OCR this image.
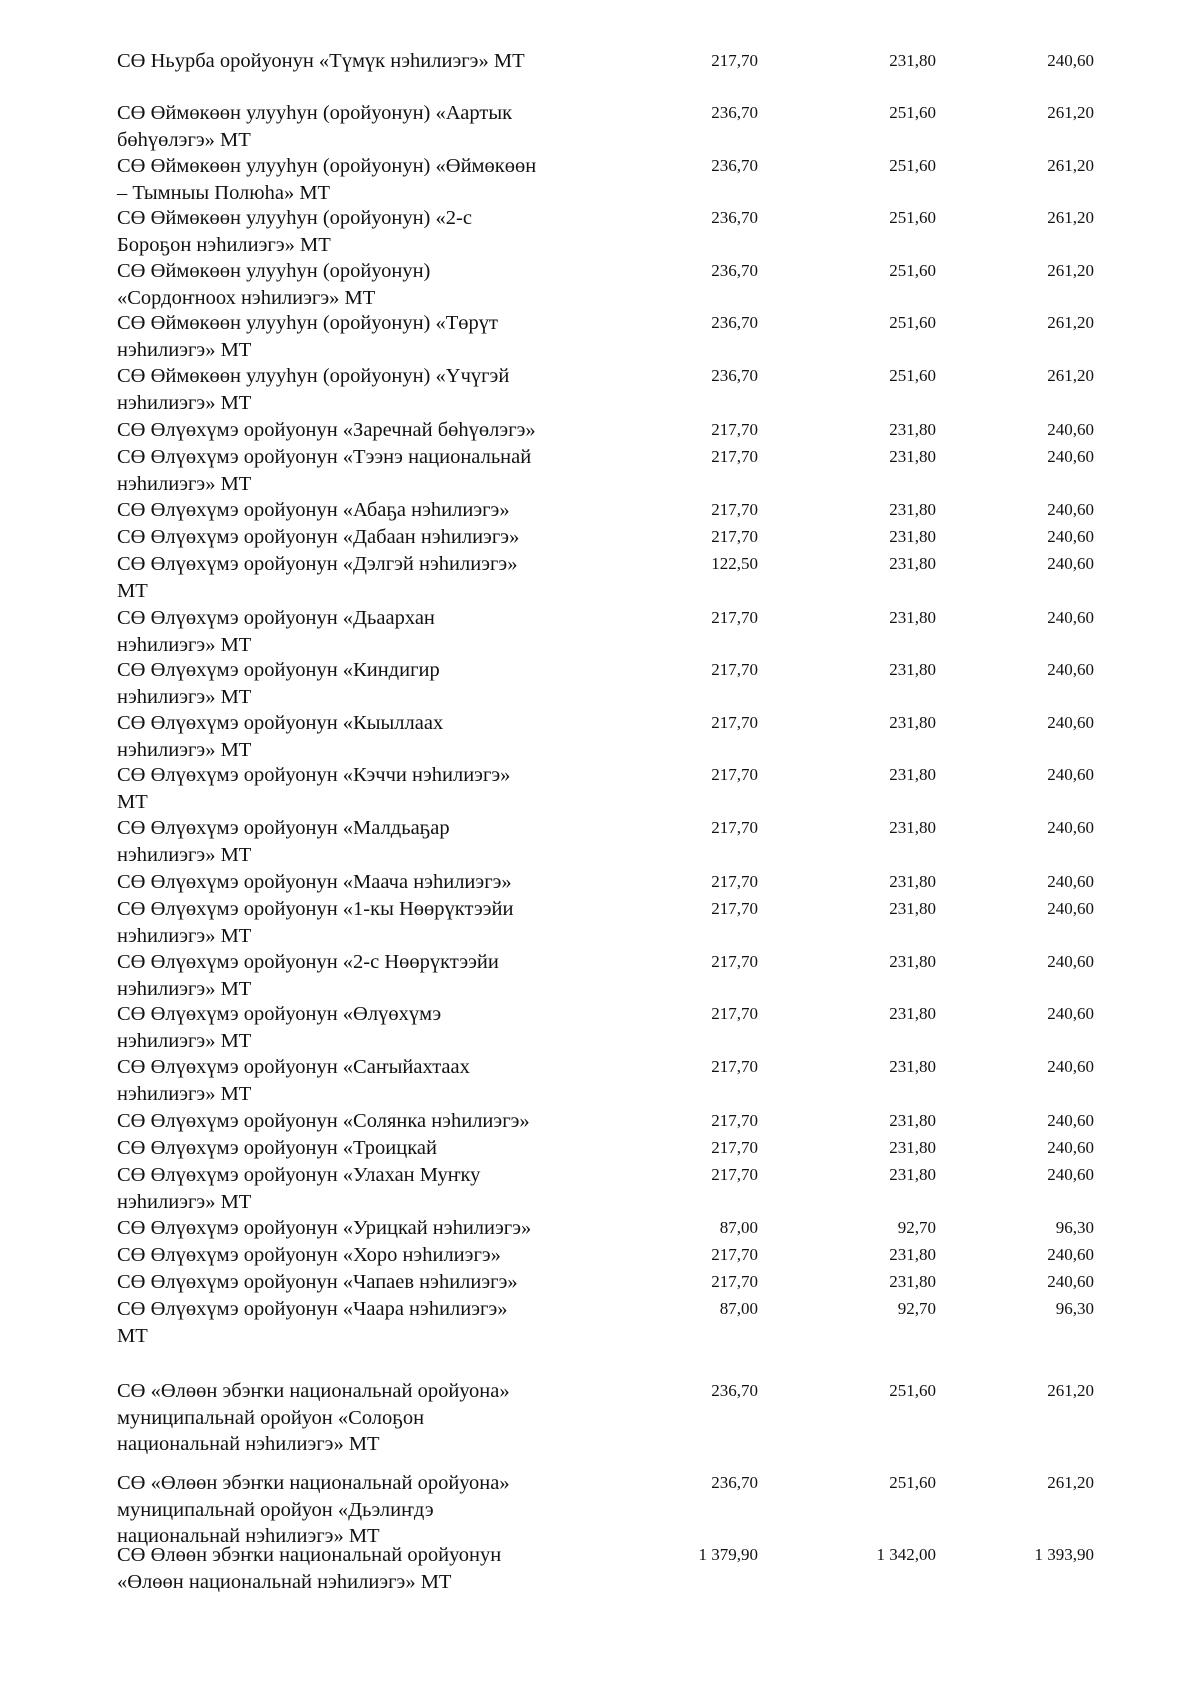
СӨ Ньурба оройуонун «Түмүк нэһилиэгэ» МТ	217,70	231,80	240,60
СӨ Өймөкөөн улууһун (оройуонун) «Аартык
бөһүөлэгэ» МТ
236,70	251,60	261,20
СӨ Өймөкөөн улууһун (оройуонун) «Өймөкөөн
– Тымныы Полюһа» МТ
236,70	251,60	261,20
СӨ Өймөкөөн улууһун (оройуонун) «2-с
Бороҕон нэһилиэгэ» МТ
236,70	251,60	261,20
СӨ Өймөкөөн улууһун (оройуонун)
«Сордоҥноох нэһилиэгэ» МТ
236,70	251,60	261,20
СӨ Өймөкөөн улууһун (оройуонун) «Төрүт
нэһилиэгэ» МТ
236,70	251,60	261,20
СӨ Өймөкөөн улууһун (оройуонун) «Үчүгэй
нэһилиэгэ» МТ
236,70	251,60	261,20
СӨ Өлүөхүмэ оройуонун «Заречнай бөһүөлэгэ»	217,70	231,80	240,60
СӨ Өлүөхүмэ оройуонун «Тээнэ национальнай
нэһилиэгэ» МТ
217,70	231,80	240,60
СӨ Өлүөхүмэ оройуонун «Абаҕа нэһилиэгэ»	217,70	231,80	240,60
СӨ Өлүөхүмэ оройуонун «Дабаан нэһилиэгэ»	217,70	231,80	240,60
СӨ Өлүөхүмэ оройуонун «Дэлгэй нэһилиэгэ»
МТ
122,50	231,80	240,60
СӨ Өлүөхүмэ оройуонун «Дьаархан
нэһилиэгэ» МТ
217,70	231,80	240,60
СӨ Өлүөхүмэ оройуонун «Киндигир
нэһилиэгэ» МТ
217,70	231,80	240,60
СӨ Өлүөхүмэ оройуонун «Кыыллаах
нэһилиэгэ» МТ
217,70	231,80	240,60
СӨ Өлүөхүмэ оройуонун «Кэччи нэһилиэгэ»
МТ
217,70	231,80	240,60
СӨ Өлүөхүмэ оройуонун «Малдьаҕар
нэһилиэгэ» МТ
217,70	231,80	240,60
СӨ Өлүөхүмэ оройуонун «Маача нэһилиэгэ»	217,70	231,80	240,60
СӨ Өлүөхүмэ оройуонун «1-кы Нөөрүктээйи
нэһилиэгэ» МТ
217,70	231,80	240,60
СӨ Өлүөхүмэ оройуонун «2-с Нөөрүктээйи
нэһилиэгэ» МТ
217,70	231,80	240,60
СӨ Өлүөхүмэ оройуонун «Өлүөхүмэ
нэһилиэгэ» МТ
217,70	231,80	240,60
СӨ Өлүөхүмэ оройуонун «Саҥыйахтаах
нэһилиэгэ» МТ
217,70	231,80	240,60
СӨ Өлүөхүмэ оройуонун «Солянка нэһилиэгэ»	217,70	231,80	240,60
СӨ Өлүөхүмэ оройуонун «Троицкай	217,70	231,80	240,60
СӨ Өлүөхүмэ оройуонун «Улахан Муҥку
нэһилиэгэ» МТ
217,70	231,80	240,60
СӨ Өлүөхүмэ оройуонун «Урицкай нэһилиэгэ»	87,00	92,70	96,30
СӨ Өлүөхүмэ оройуонун «Хоро нэһилиэгэ»	217,70	231,80	240,60
СӨ Өлүөхүмэ оройуонун «Чапаев нэһилиэгэ»	217,70	231,80	240,60
СӨ Өлүөхүмэ оройуонун «Чаара нэһилиэгэ»
МТ
87,00	92,70	96,30
СӨ «Өлөөн эбэҥки национальнай оройуона»
муниципальнай оройуон «Солоҕон
национальнай нэһилиэгэ» МТ
236,70	251,60	261,20
СӨ «Өлөөн эбэҥки национальнай оройуона»
муниципальнай оройуон «Дьэлиҥдэ
национальнай нэһилиэгэ» МТ
236,70	251,60	261,20
СӨ Өлөөн эбэҥки национальнай оройуонун
«Өлөөн национальнай нэһилиэгэ» МТ
1 379,90	1 342,00	1 393,90
